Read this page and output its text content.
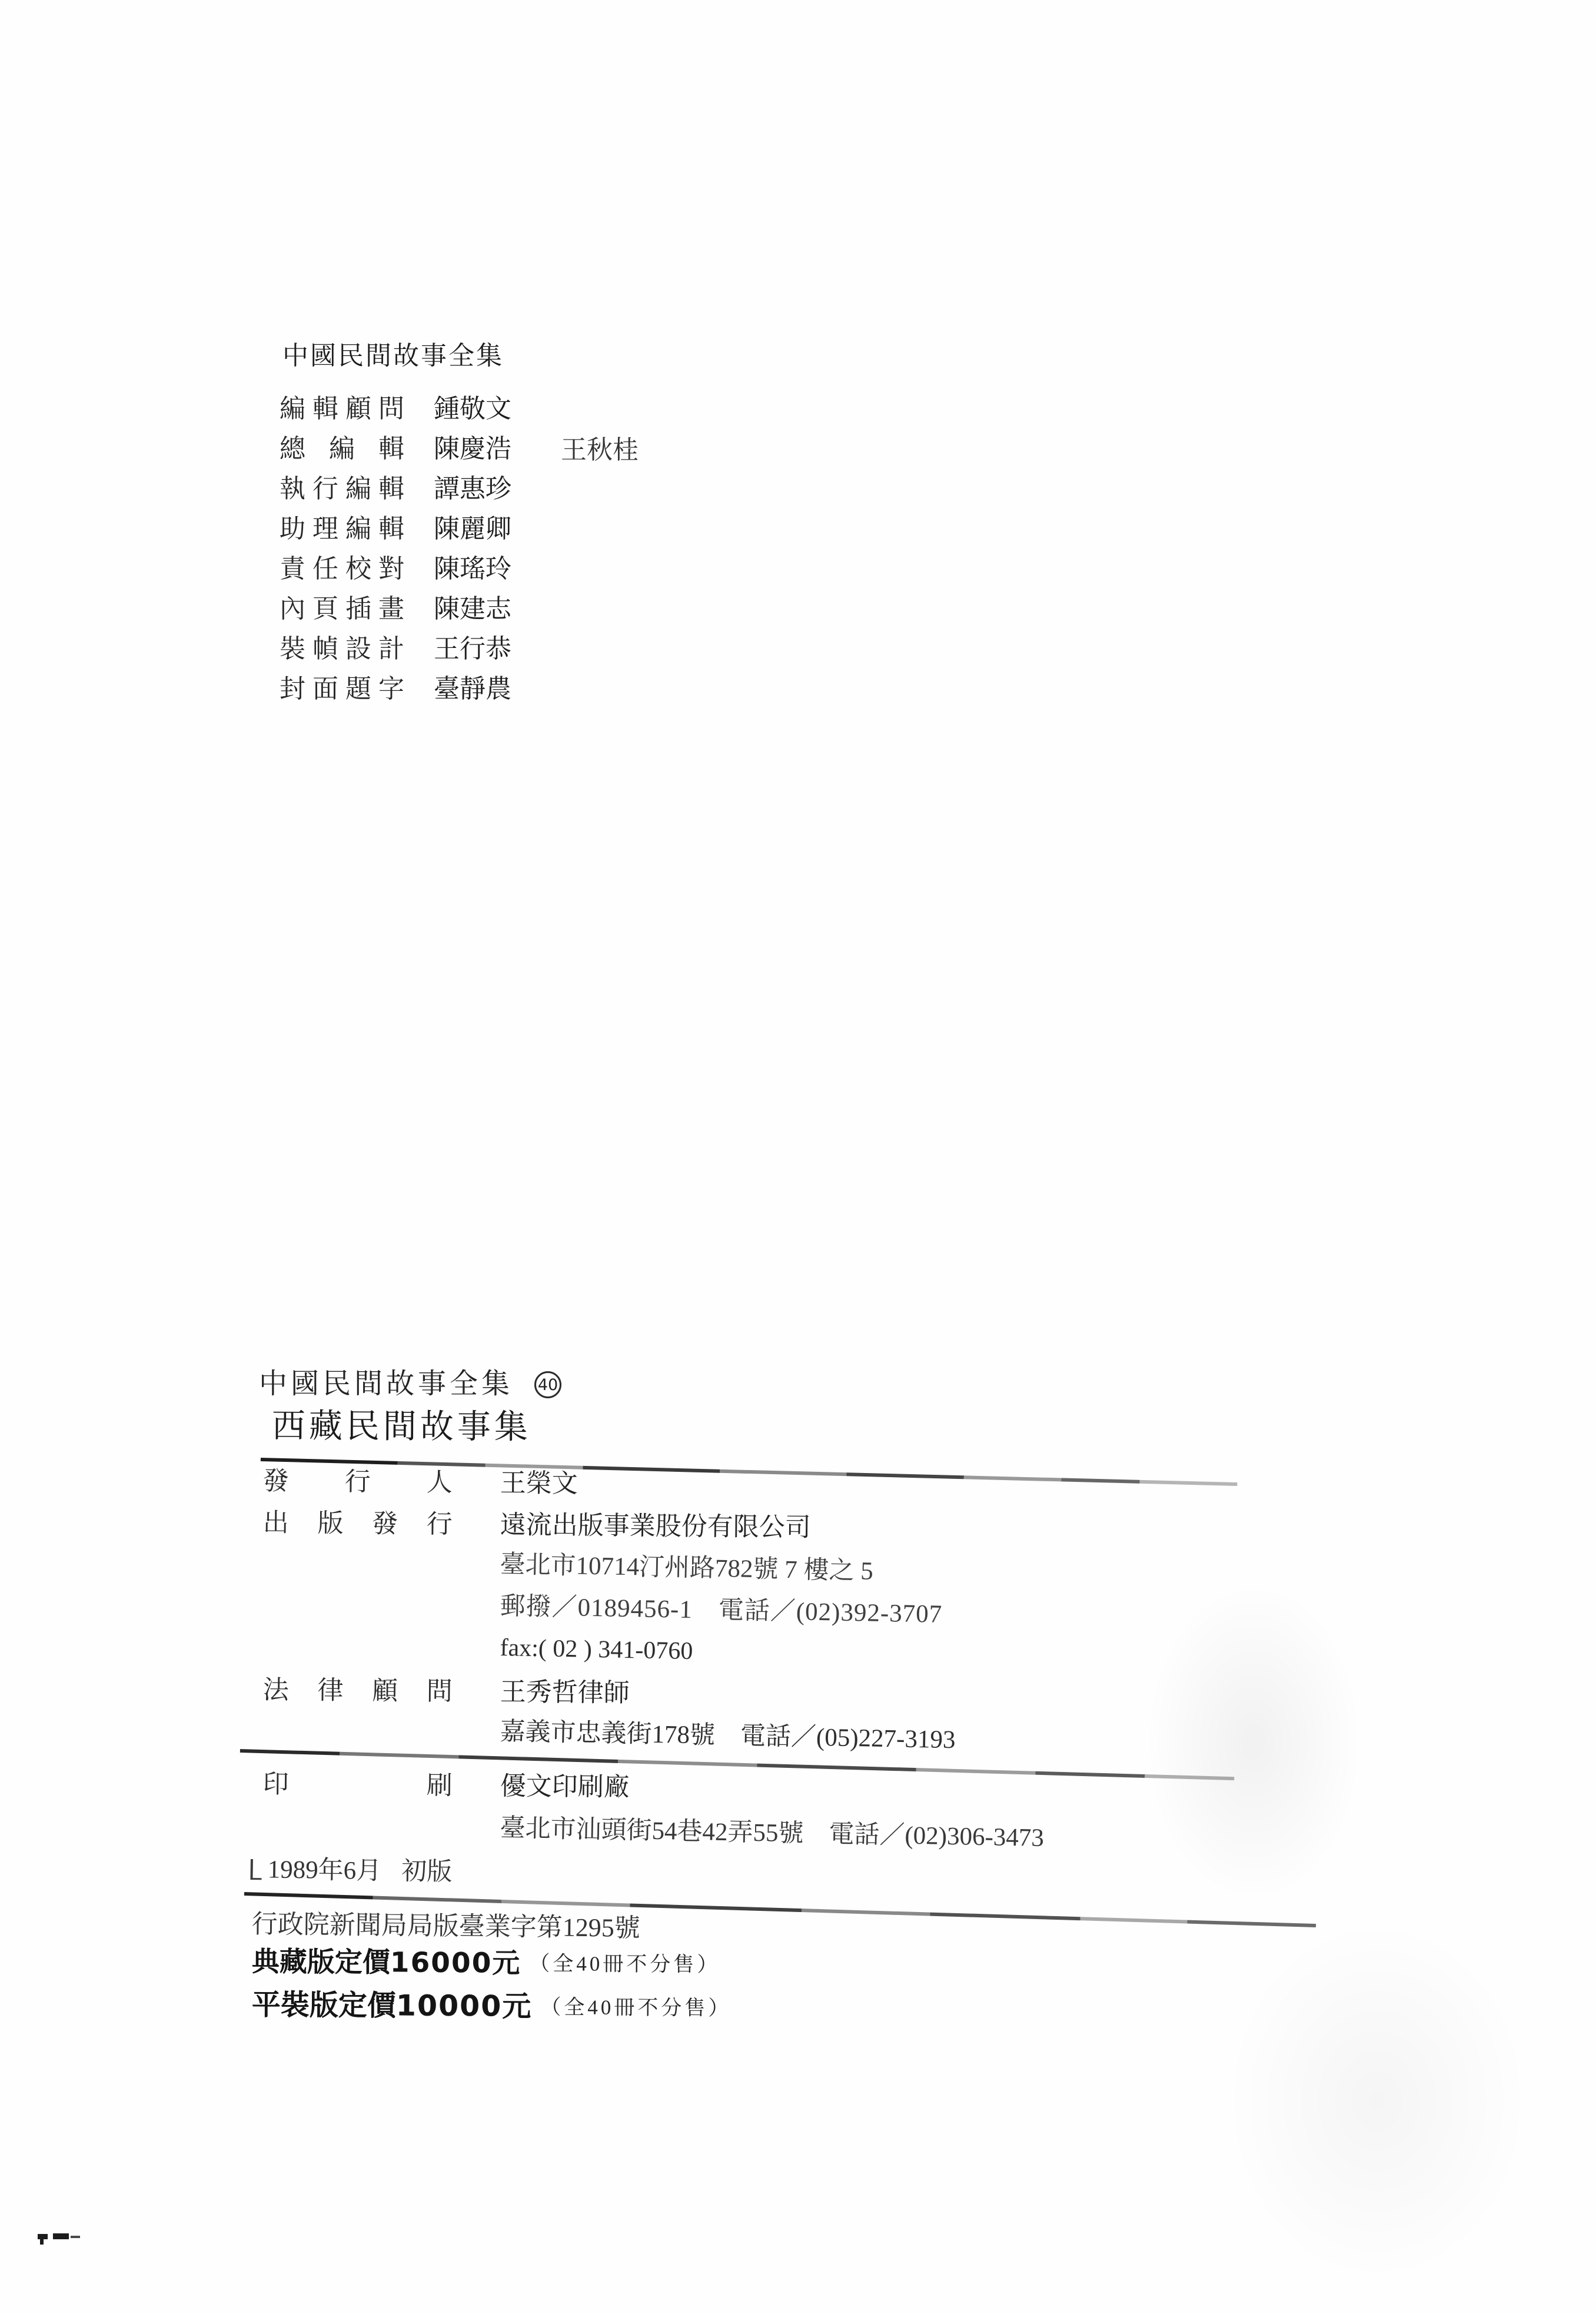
中國民間故事全集
編輯顧問 鍾敬文
總編輯 陳慶浩 王秋桂
執行編輯 譚惠珍
助理編輯 陳麗卿
責任校對 陳瑤玲
內頁插畫 陳建志
裝幀設計 王行恭
封面題字 臺靜農
中國民間故事全集 40
西藏民間故事集
發行人 王榮文
出版發行 遠流出版事業股份有限公司
臺北市10714汀州路782號 7 樓之 5
郵撥／0189456-1　電話／(02)392-3707
fax:( 02 ) 341-0760
法律顧問 王秀哲律師
嘉義市忠義街178號　電話／(05)227-3193
印刷 優文印刷廠
臺北市汕頭街54巷42弄55號　電話／(02)306-3473
1989年6月 初版
行政院新聞局局版臺業字第1295號
典藏版定價16000元 （全40冊不分售）
平裝版定價10000元 （全40冊不分售）
